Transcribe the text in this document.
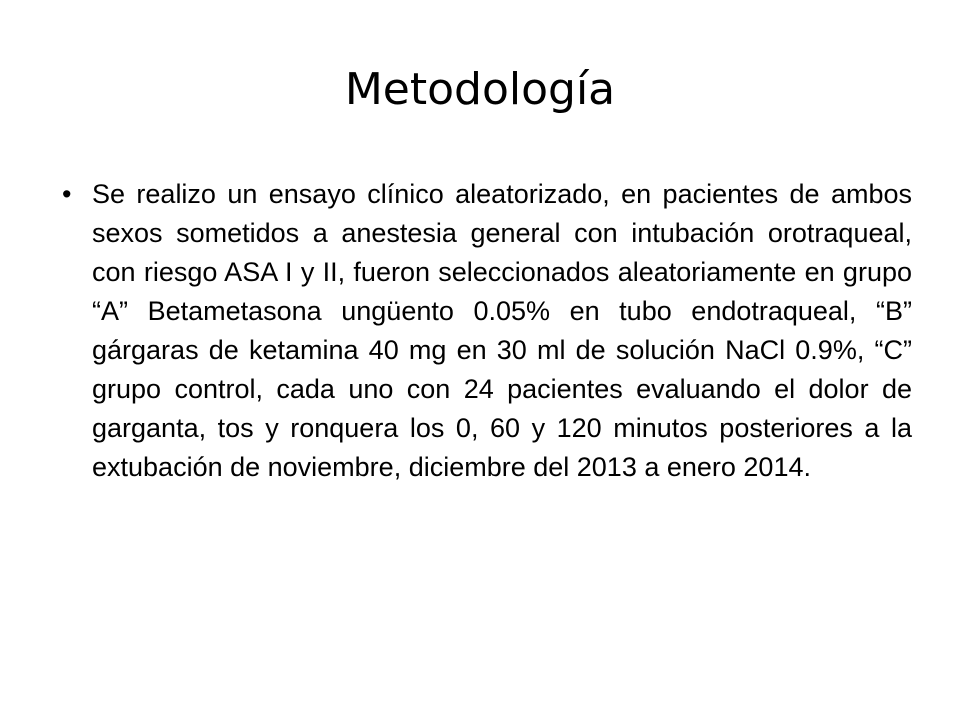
Metodología
• Se realizo un ensayo clínico aleatorizado, en pacientes de ambos sexos sometidos a anestesia general con intubación orotraqueal, con riesgo ASA I y II, fueron seleccionados aleatoriamente en grupo “A” Betametasona ungüento 0.05% en tubo endotraqueal, “B” gárgaras de ketamina 40 mg en 30 ml de solución NaCl 0.9%, “C” grupo control, cada uno con 24 pacientes evaluando el dolor de garganta, tos y ronquera los 0, 60 y 120 minutos posteriores a la extubación de noviembre, diciembre del 2013 a enero 2014.
